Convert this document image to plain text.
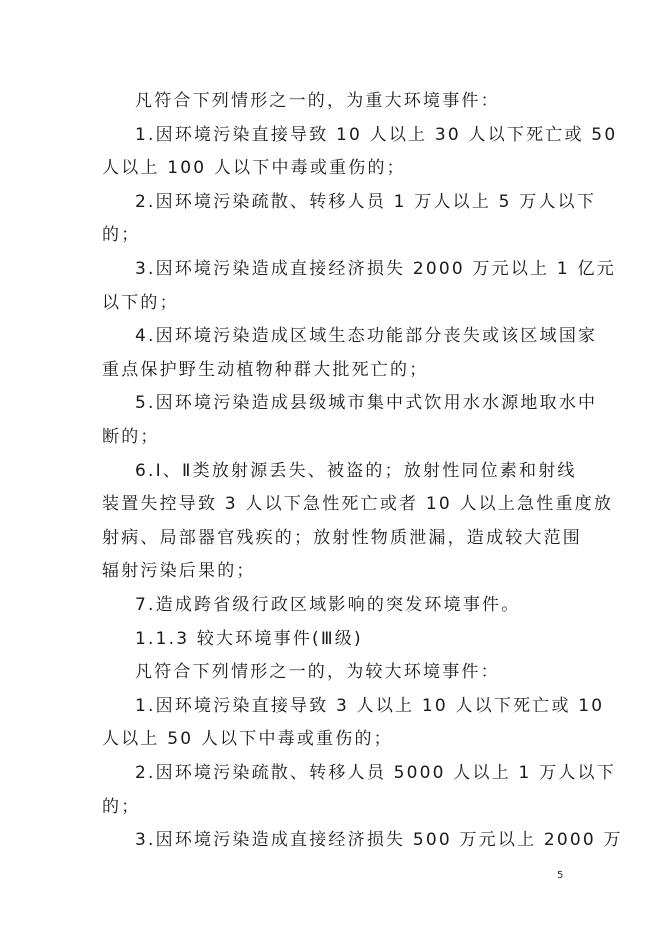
凡符合下列情形之一的，为重大环境事件：
1.因环境污染直接导致 10 人以上 30 人以下死亡或 50
人以上 100 人以下中毒或重伤的；
2.因环境污染疏散、转移人员 1 万人以上 5 万人以下
的；
3.因环境污染造成直接经济损失 2000 万元以上 1 亿元
以下的；
4.因环境污染造成区域生态功能部分丧失或该区域国家
重点保护野生动植物种群大批死亡的；
5.因环境污染造成县级城市集中式饮用水水源地取水中
断的；
6.Ⅰ、Ⅱ类放射源丢失、被盗的；放射性同位素和射线
装置失控导致 3 人以下急性死亡或者 10 人以上急性重度放
射病、局部器官残疾的；放射性物质泄漏，造成较大范围
辐射污染后果的；
7.造成跨省级行政区域影响的突发环境事件。
1.1.3 较大环境事件(Ⅲ级)
凡符合下列情形之一的，为较大环境事件：
1.因环境污染直接导致 3 人以上 10 人以下死亡或 10
人以上 50 人以下中毒或重伤的；
2.因环境污染疏散、转移人员 5000 人以上 1 万人以下
的；
3.因环境污染造成直接经济损失 500 万元以上 2000 万
5
